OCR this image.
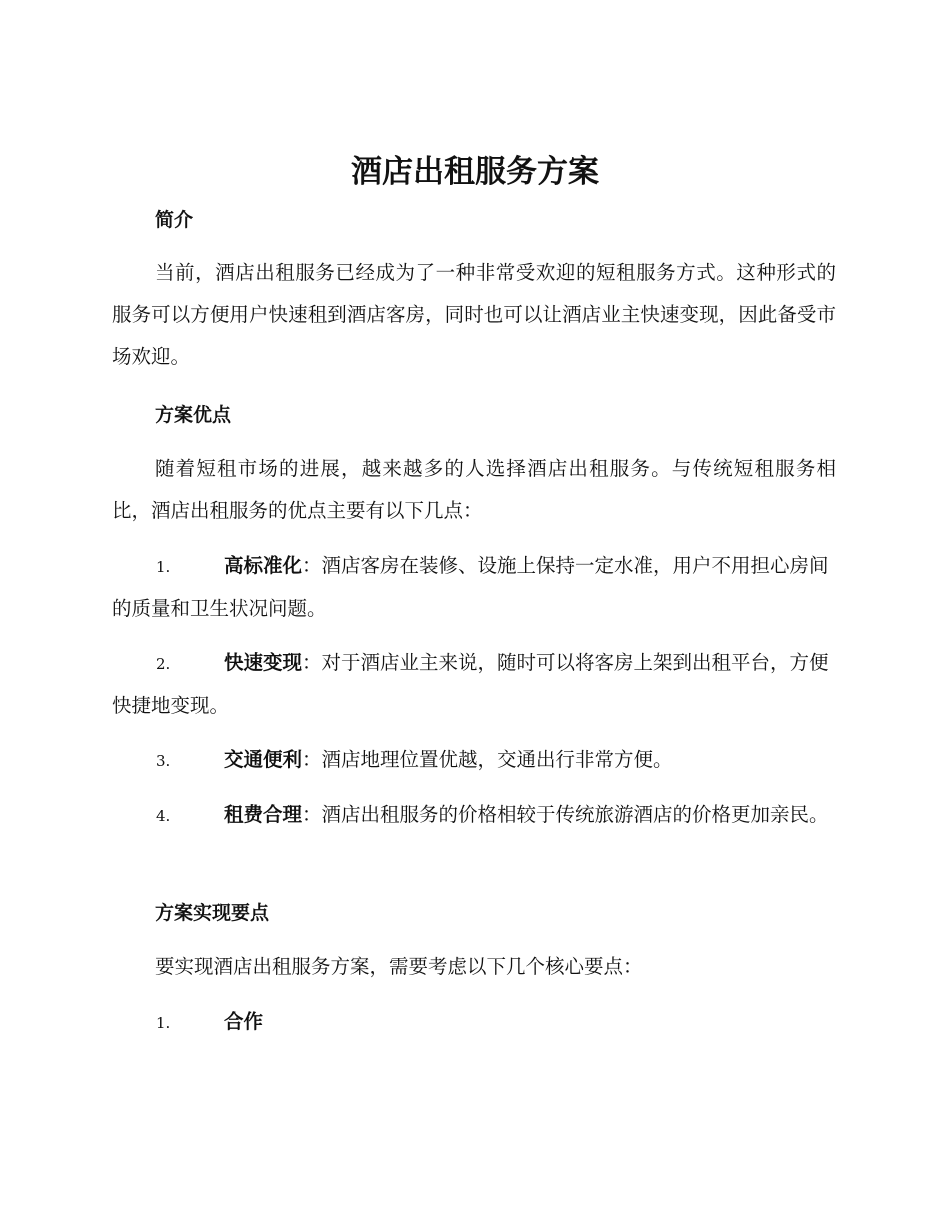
酒店出租服务方案
简介

当前，酒店出租服务已经成为了一种非常受欢迎的短租服务方式。这种形式的服务可以方便用户快速租到酒店客房，同时也可以让酒店业主快速变现，因此备受市场欢迎。

方案优点

随着短租市场的进展，越来越多的人选择酒店出租服务。与传统短租服务相比，酒店出租服务的优点主要有以下几点：

1.	高标准化：酒店客房在装修、设施上保持一定水准，用户不用担心房间的质量和卫生状况问题。

2.	快速变现：对于酒店业主来说，随时可以将客房上架到出租平台，方便快捷地变现。

3.	交通便利：酒店地理位置优越，交通出行非常方便。

4.	租费合理：酒店出租服务的价格相较于传统旅游酒店的价格更加亲民。

方案实现要点

要实现酒店出租服务方案，需要考虑以下几个核心要点：

1.	合作
